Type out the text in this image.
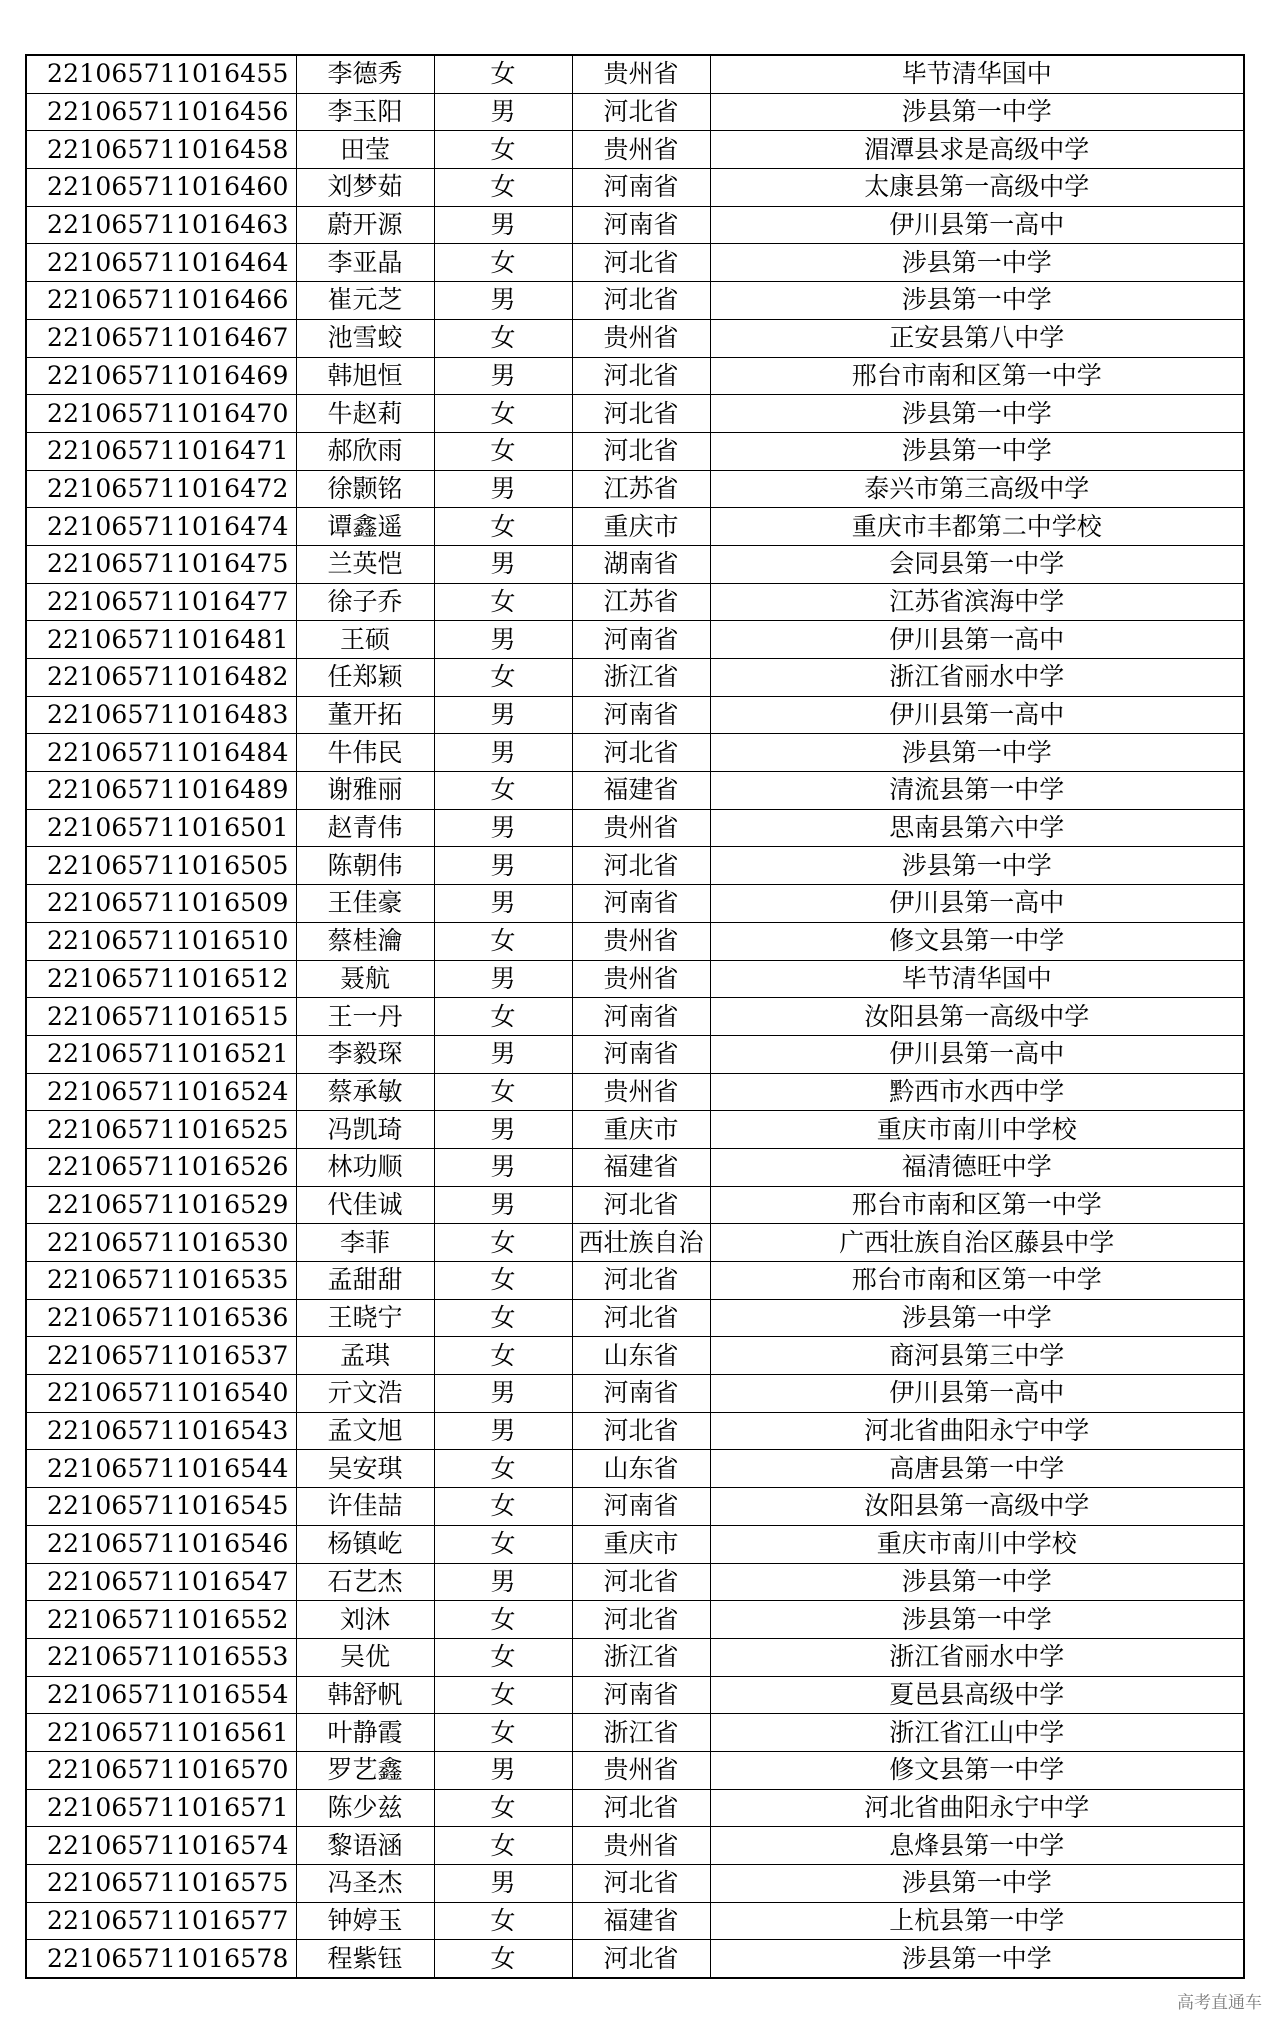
221065711016455	李德秀	女	贵州省	毕节清华国中
221065711016456	李玉阳	男	河北省	涉县第一中学
221065711016458	田莹	女	贵州省	湄潭县求是高级中学
221065711016460	刘梦茹	女	河南省	太康县第一高级中学
221065711016463	蔚开源	男	河南省	伊川县第一高中
221065711016464	李亚晶	女	河北省	涉县第一中学
221065711016466	崔元芝	男	河北省	涉县第一中学
221065711016467	池雪蛟	女	贵州省	正安县第八中学
221065711016469	韩旭恒	男	河北省	邢台市南和区第一中学
221065711016470	牛赵莉	女	河北省	涉县第一中学
221065711016471	郝欣雨	女	河北省	涉县第一中学
221065711016472	徐颢铭	男	江苏省	泰兴市第三高级中学
221065711016474	谭鑫遥	女	重庆市	重庆市丰都第二中学校
221065711016475	兰英恺	男	湖南省	会同县第一中学
221065711016477	徐子乔	女	江苏省	江苏省滨海中学
221065711016481	王硕	男	河南省	伊川县第一高中
221065711016482	任郑颖	女	浙江省	浙江省丽水中学
221065711016483	董开拓	男	河南省	伊川县第一高中
221065711016484	牛伟民	男	河北省	涉县第一中学
221065711016489	谢雅丽	女	福建省	清流县第一中学
221065711016501	赵青伟	男	贵州省	思南县第六中学
221065711016505	陈朝伟	男	河北省	涉县第一中学
221065711016509	王佳豪	男	河南省	伊川县第一高中
221065711016510	蔡桂瀹	女	贵州省	修文县第一中学
221065711016512	聂航	男	贵州省	毕节清华国中
221065711016515	王一丹	女	河南省	汝阳县第一高级中学
221065711016521	李毅琛	男	河南省	伊川县第一高中
221065711016524	蔡承敏	女	贵州省	黔西市水西中学
221065711016525	冯凯琦	男	重庆市	重庆市南川中学校
221065711016526	林功顺	男	福建省	福清德旺中学
221065711016529	代佳诚	男	河北省	邢台市南和区第一中学
221065711016530	李菲	女	西壮族自治	广西壮族自治区藤县中学
221065711016535	孟甜甜	女	河北省	邢台市南和区第一中学
221065711016536	王晓宁	女	河北省	涉县第一中学
221065711016537	孟琪	女	山东省	商河县第三中学
221065711016540	亓文浩	男	河南省	伊川县第一高中
221065711016543	孟文旭	男	河北省	河北省曲阳永宁中学
221065711016544	吴安琪	女	山东省	高唐县第一中学
221065711016545	许佳喆	女	河南省	汝阳县第一高级中学
221065711016546	杨镇屹	女	重庆市	重庆市南川中学校
221065711016547	石艺杰	男	河北省	涉县第一中学
221065711016552	刘沐	女	河北省	涉县第一中学
221065711016553	吴优	女	浙江省	浙江省丽水中学
221065711016554	韩舒帆	女	河南省	夏邑县高级中学
221065711016561	叶静霞	女	浙江省	浙江省江山中学
221065711016570	罗艺鑫	男	贵州省	修文县第一中学
221065711016571	陈少兹	女	河北省	河北省曲阳永宁中学
221065711016574	黎语涵	女	贵州省	息烽县第一中学
221065711016575	冯圣杰	男	河北省	涉县第一中学
221065711016577	钟婷玉	女	福建省	上杭县第一中学
221065711016578	程紫钰	女	河北省	涉县第一中学
高考直通车
